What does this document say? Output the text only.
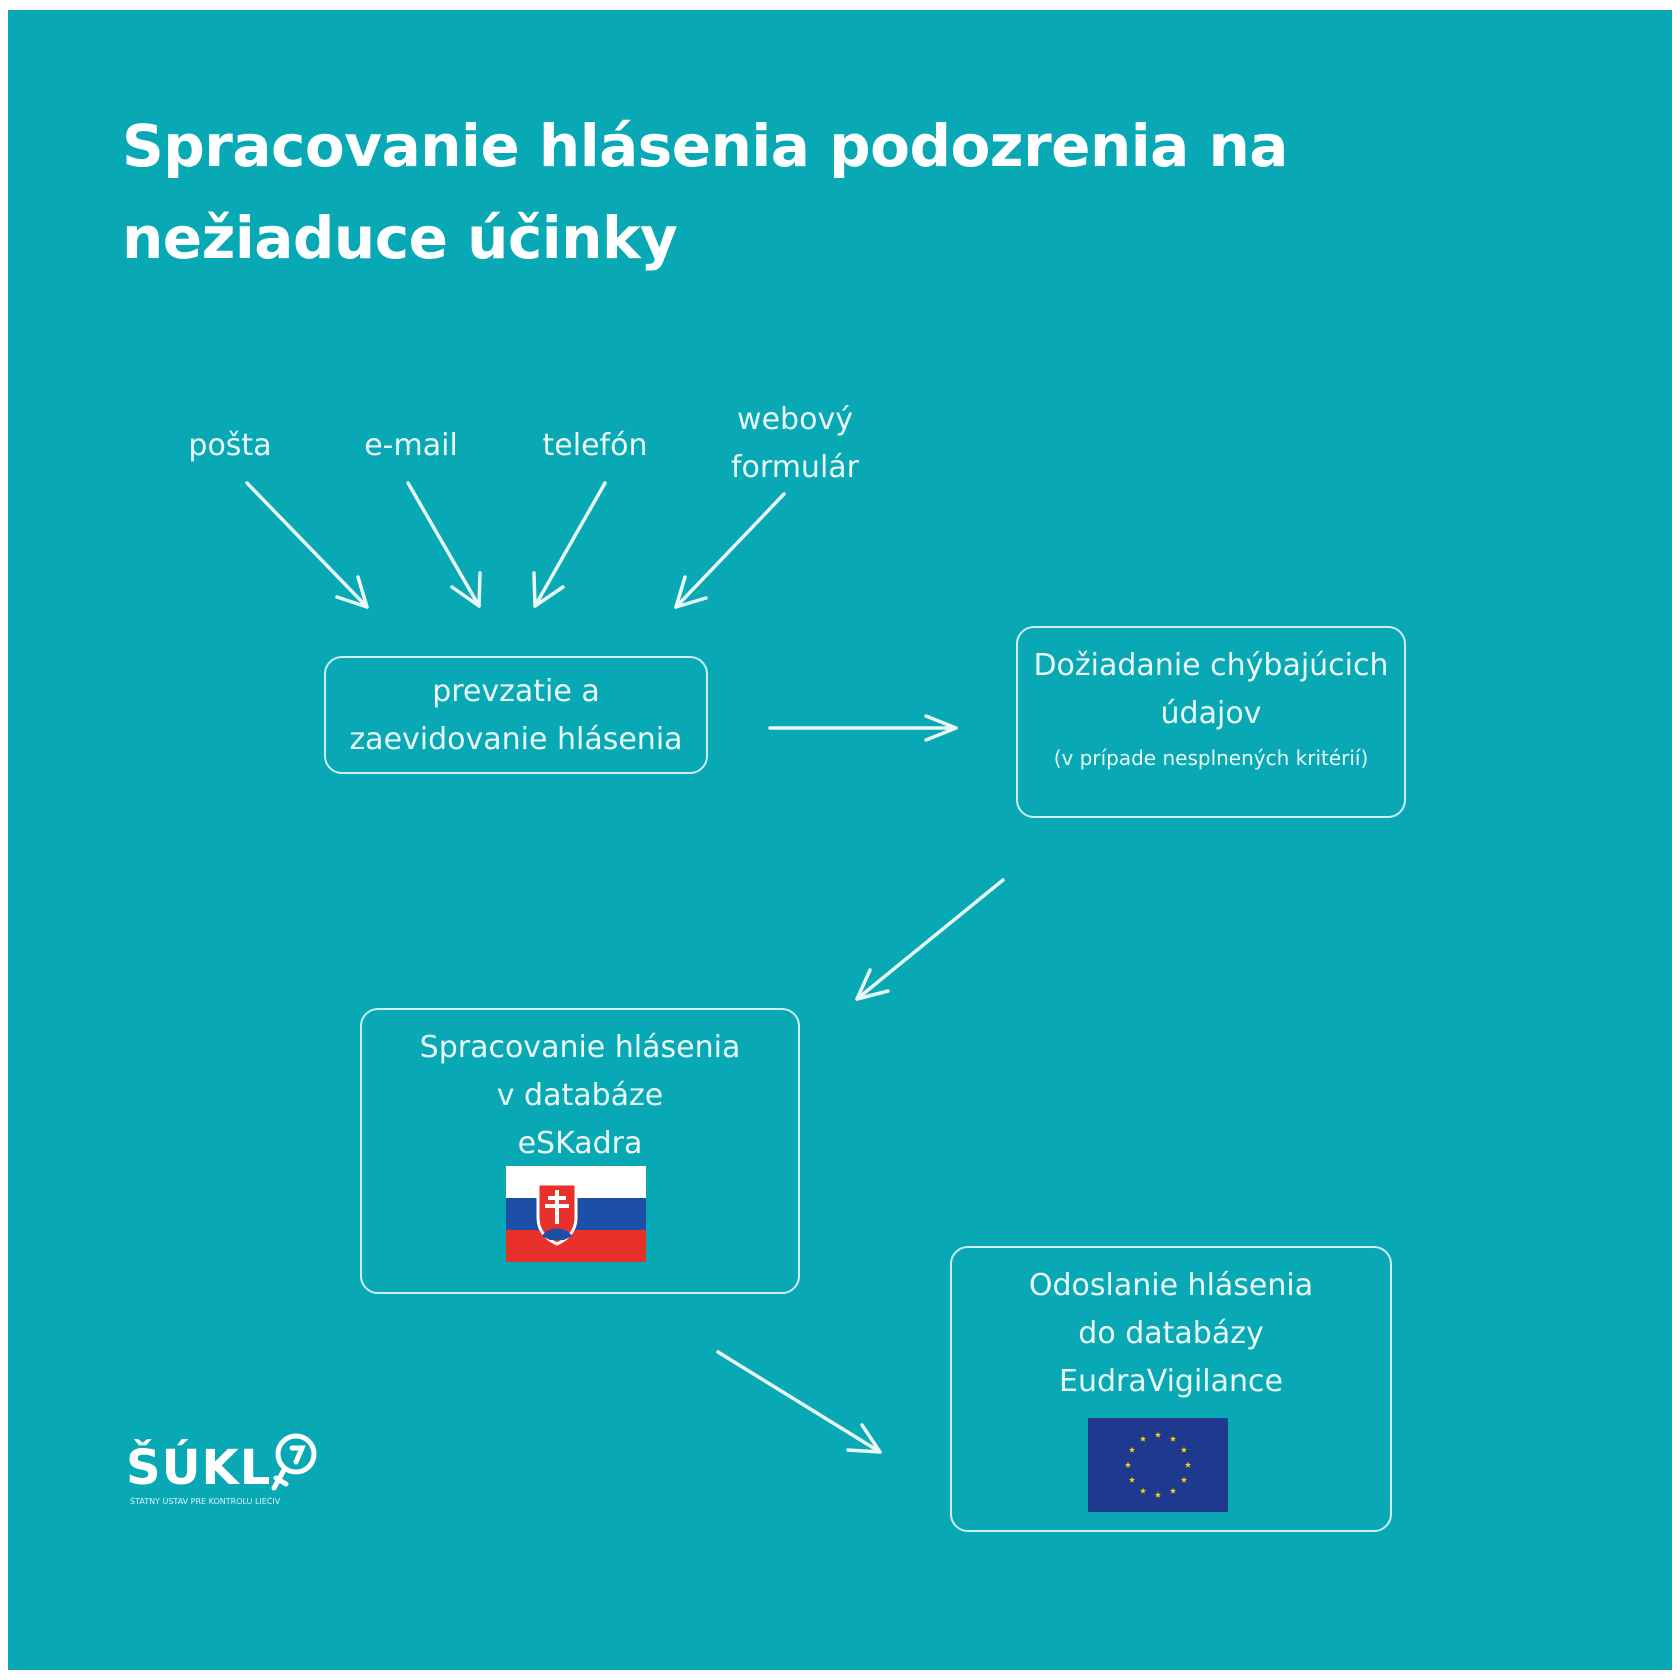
Spracovanie hlásenia podozrenia na
nežiaduce účinky
pošta	e-mail	telefón
webový
formulár
prevzatie a
zaevidovanie hlásenia
Dožiadanie chýbajúcich
údajov
(v prípade nesplnených kritérií)
Spracovanie hlásenia
v databáze
eSKadra
Odoslanie hlásenia
do databázy
EudraVigilance
ŠÚKL
ŠTÁTNY ÚSTAV PRE KONTROLU LIEČIV
